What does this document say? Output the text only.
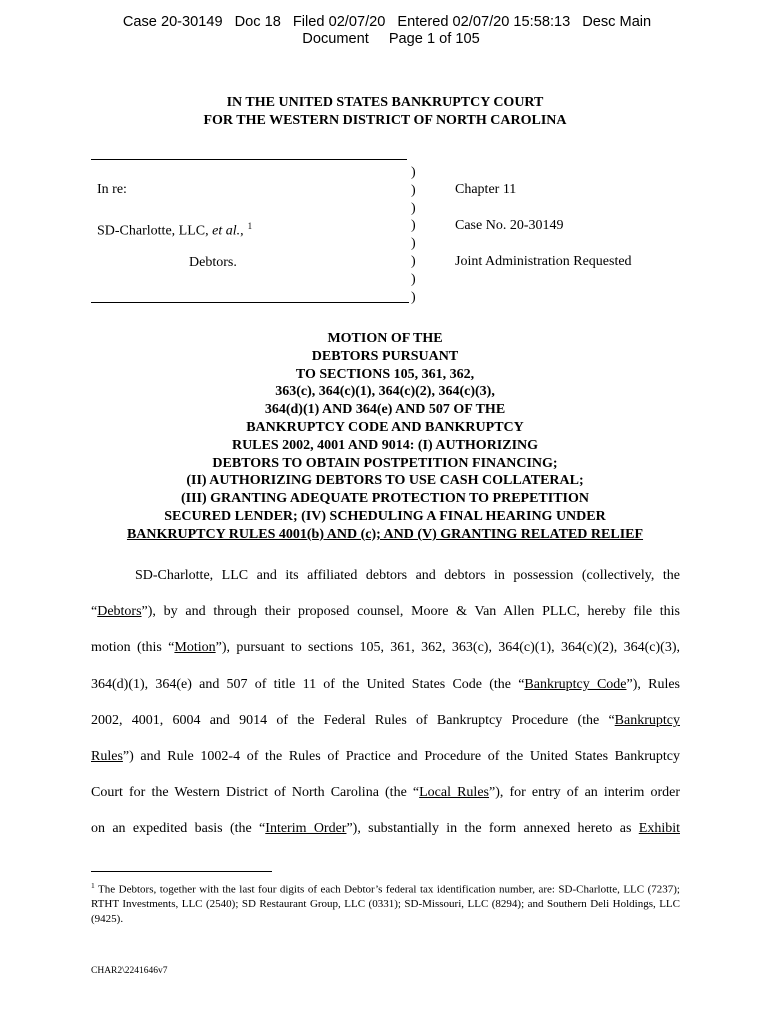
Case 20-30149 Doc 18 Filed 02/07/20 Entered 02/07/20 15:58:13 Desc Main
Document Page 1 of 105
IN THE UNITED STATES BANKRUPTCY COURT
FOR THE WESTERN DISTRICT OF NORTH CAROLINA
In re:
SD-Charlotte, LLC, et al., $^1$
Debtors.
)
)
)
)
)
)
)
)
Chapter 11
Case No. 20-30149
Joint Administration Requested
MOTION OF THE
DEBTORS PURSUANT
TO SECTIONS 105, 361, 362,
363(c), 364(c)(1), 364(c)(2), 364(c)(3),
364(d)(1) AND 364(e) AND 507 OF THE
BANKRUPTCY CODE AND BANKRUPTCY
RULES 2002, 4001 AND 9014: (I) AUTHORIZING
DEBTORS TO OBTAIN POSTPETITION FINANCING;
(II) AUTHORIZING DEBTORS TO USE CASH COLLATERAL;
(III) GRANTING ADEQUATE PROTECTION TO PREPETITION
SECURED LENDER; (IV) SCHEDULING A FINAL HEARING UNDER
BANKRUPTCY RULES 4001(b) AND (c); AND (V) GRANTING RELATED RELIEF
SD-Charlotte, LLC and its affiliated debtors and debtors in possession (collectively, the
“Debtors”), by and through their proposed counsel, Moore & Van Allen PLLC, hereby file this
motion (this “Motion”), pursuant to sections 105, 361, 362, 363(c), 364(c)(1), 364(c)(2), 364(c)(3),
364(d)(1), 364(e) and 507 of title 11 of the United States Code (the “Bankruptcy Code”), Rules
2002, 4001, 6004 and 9014 of the Federal Rules of Bankruptcy Procedure (the “Bankruptcy
Rules”) and Rule 1002-4 of the Rules of Practice and Procedure of the United States Bankruptcy
Court for the Western District of North Carolina (the “Local Rules”), for entry of an interim order
on an expedited basis (the “Interim Order”), substantially in the form annexed hereto as Exhibit
$^1$ The Debtors, together with the last four digits of each Debtor’s federal tax identification number, are: SD-Charlotte, LLC (7237); RTHT Investments, LLC (2540); SD Restaurant Group, LLC (0331); SD-Missouri, LLC (8294); and Southern Deli Holdings, LLC (9425).
CHAR2\2241646v7
